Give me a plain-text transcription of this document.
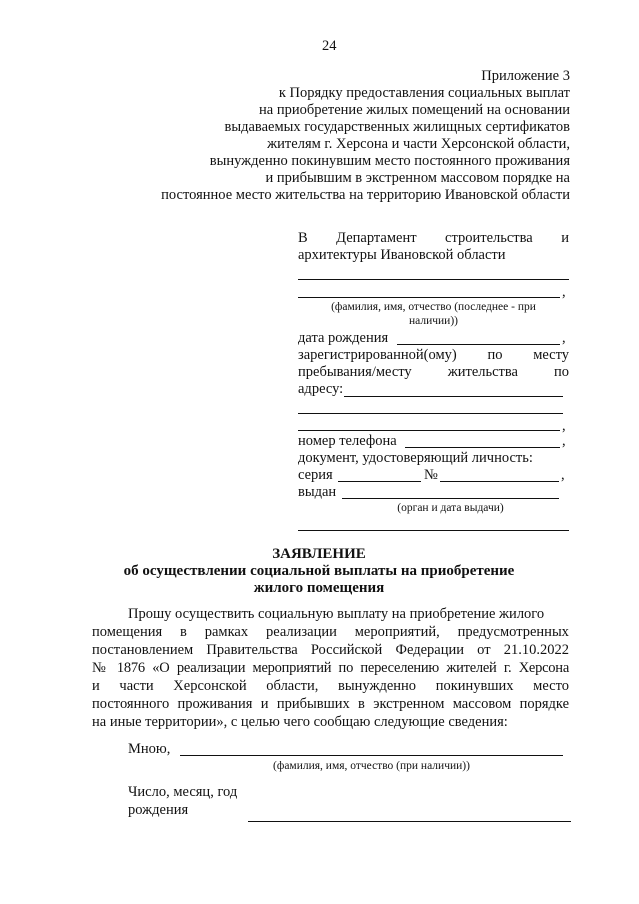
24
Приложение 3
к Порядку предоставления социальных выплат
на приобретение жилых помещений на основании
выдаваемых государственных жилищных сертификатов
жителям г. Херсона и части Херсонской области,
вынужденно покинувшим место постоянного проживания
и прибывшим в экстренном массовом порядке на
постоянное место жительства на территорию Ивановской области
В Департамент строительства и
архитектуры Ивановской области
,
(фамилия, имя, отчество (последнее - при
наличии))
дата рождения	,
зарегистрированной(ому) по месту
пребывания/месту жительства по
адресу:
,
номер телефона	,
документ, удостоверяющий личность:
серия	№	,
выдан
(орган и дата выдачи)
ЗАЯВЛЕНИЕ
об осуществлении социальной выплаты на приобретение
жилого помещения
Прошу осуществить социальную выплату на приобретение жилого
помещения в рамках реализации мероприятий, предусмотренных
постановлением Правительства Российской Федерации от 21.10.2022
№ 1876 «О реализации мероприятий по переселению жителей г. Херсона
и части Херсонской области, вынужденно покинувших место
постоянного проживания и прибывших в экстренном массовом порядке
на иные территории», с целью чего сообщаю следующие сведения:
Мною,
(фамилия, имя, отчество (при наличии))
Число, месяц, год
рождения
